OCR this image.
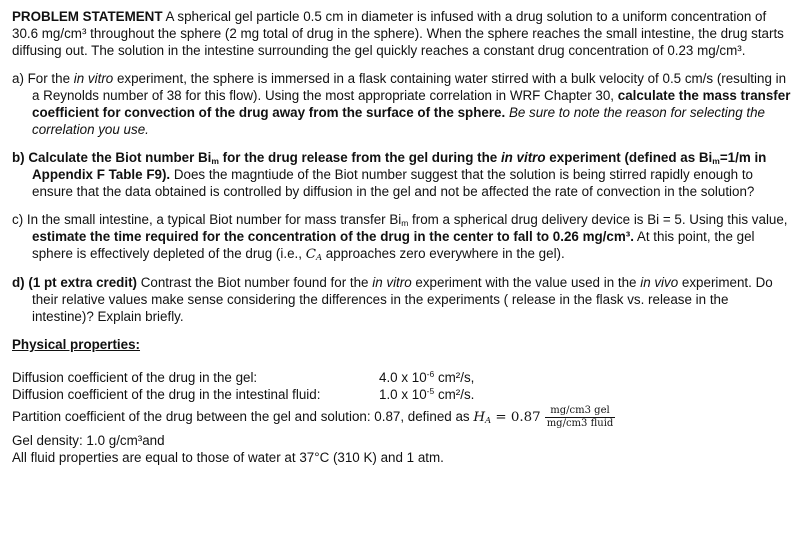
PROBLEM STATEMENT A spherical gel particle 0.5 cm in diameter is infused with a drug solution to a uniform concentration of 30.6 mg/cm³ throughout the sphere (2 mg total of drug in the sphere). When the sphere reaches the small intestine, the drug starts diffusing out. The solution in the intestine surrounding the gel quickly reaches a constant drug concentration of 0.23 mg/cm³.

a) For the in vitro experiment, the sphere is immersed in a flask containing water stirred with a bulk velocity of 0.5 cm/s (resulting in a Reynolds number of 38 for this flow). Using the most appropriate correlation in WRF Chapter 30, calculate the mass transfer coefficient for convection of the drug away from the surface of the sphere. Be sure to note the reason for selecting the correlation you use.

b) Calculate the Biot number $Bi_m$ for the drug release from the gel during the in vitro experiment (defined as $Bi_m=1/m$ in Appendix F Table F9). Does the magntiude of the Biot number suggest that the solution is being stirred rapidly enough to ensure that the data obtained is controlled by diffusion in the gel and not be affected the rate of convection in the solution?

c) In the small intestine, a typical Biot number for mass transfer $Bi_m$ from a spherical drug delivery device is Bi = 5. Using this value, estimate the time required for the concentration of the drug in the center to fall to 0.26 mg/cm³. At this point, the gel sphere is effectively depleted of the drug (i.e., $C_A$ approaches zero everywhere in the gel).

d) (1 pt extra credit) Contrast the Biot number found for the in vitro experiment with the value used in the in vivo experiment. Do their relative values make sense considering the differences in the experiments ( release in the flask vs. release in the intestine)? Explain briefly.

Physical properties:

Diffusion coefficient of the drug in the gel:	4.0 x $10^{-6}$ cm²/s,
Diffusion coefficient of the drug in the intestinal fluid:	1.0 x $10^{-5}$ cm²/s.
Partition coefficient of the drug between the gel and solution: 0.87, defined as $H_A = 0.87 \frac{\text{mg/cm3 gel}}{\text{mg/cm3 fluid}}$

Gel density: 1.0 g/cm³and

All fluid properties are equal to those of water at 37°C (310 K) and 1 atm.
